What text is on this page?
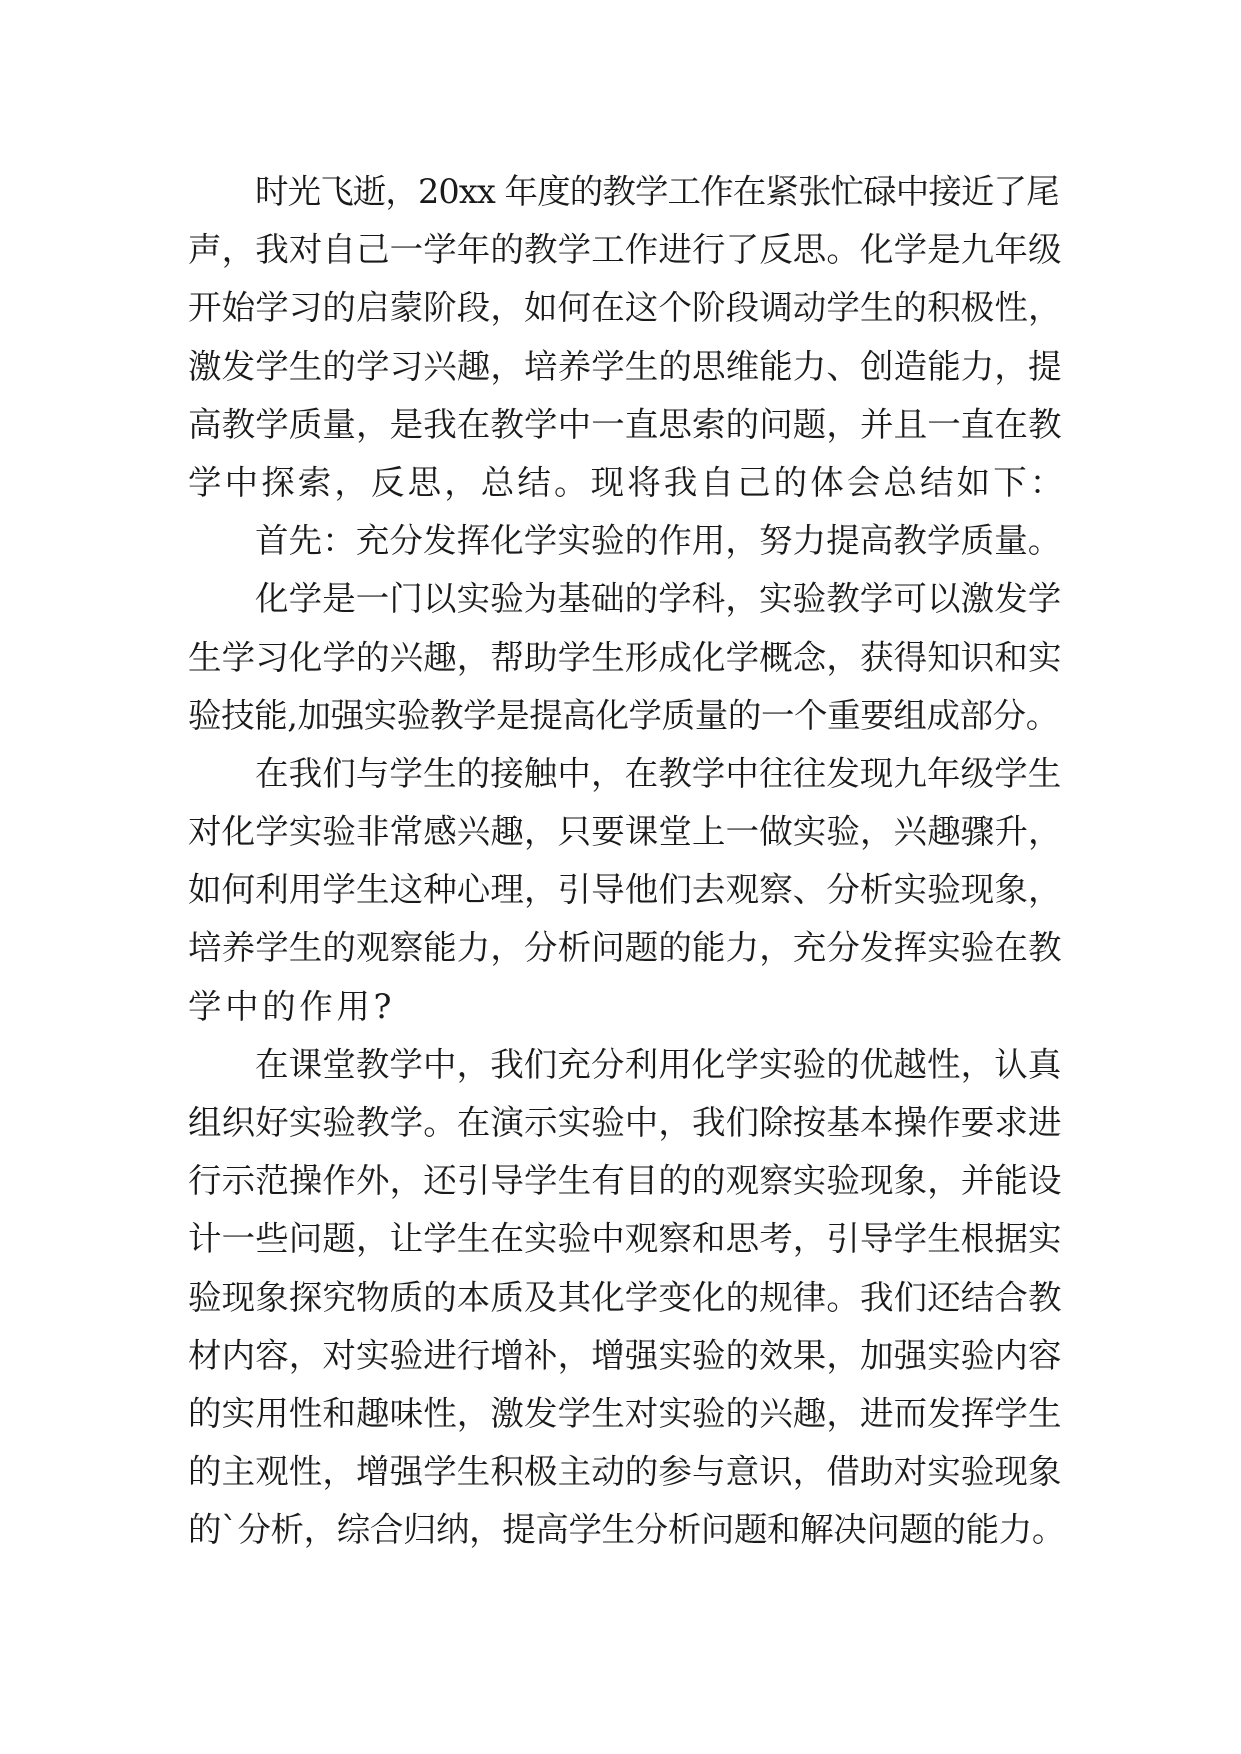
时光飞逝，20xx 年度的教学工作在紧张忙碌中接近了尾
声，我对自己一学年的教学工作进行了反思。化学是九年级
开始学习的启蒙阶段，如何在这个阶段调动学生的积极性，
激发学生的学习兴趣，培养学生的思维能力、创造能力，提
高教学质量，是我在教学中一直思索的问题，并且一直在教
学中探索，反思，总结。现将我自己的体会总结如下：
首先：充分发挥化学实验的作用，努力提高教学质量。
化学是一门以实验为基础的学科，实验教学可以激发学
生学习化学的兴趣，帮助学生形成化学概念，获得知识和实
验技能,加强实验教学是提高化学质量的一个重要组成部分。
在我们与学生的接触中，在教学中往往发现九年级学生
对化学实验非常感兴趣，只要课堂上一做实验，兴趣骤升，
如何利用学生这种心理，引导他们去观察、分析实验现象，
培养学生的观察能力，分析问题的能力，充分发挥实验在教
学中的作用?
在课堂教学中，我们充分利用化学实验的优越性，认真
组织好实验教学。在演示实验中，我们除按基本操作要求进
行示范操作外，还引导学生有目的的观察实验现象，并能设
计一些问题，让学生在实验中观察和思考，引导学生根据实
验现象探究物质的本质及其化学变化的规律。我们还结合教
材内容，对实验进行增补，增强实验的效果，加强实验内容
的实用性和趣味性，激发学生对实验的兴趣，进而发挥学生
的主观性，增强学生积极主动的参与意识，借助对实验现象
的`分析，综合归纳，提高学生分析问题和解决问题的能力。
